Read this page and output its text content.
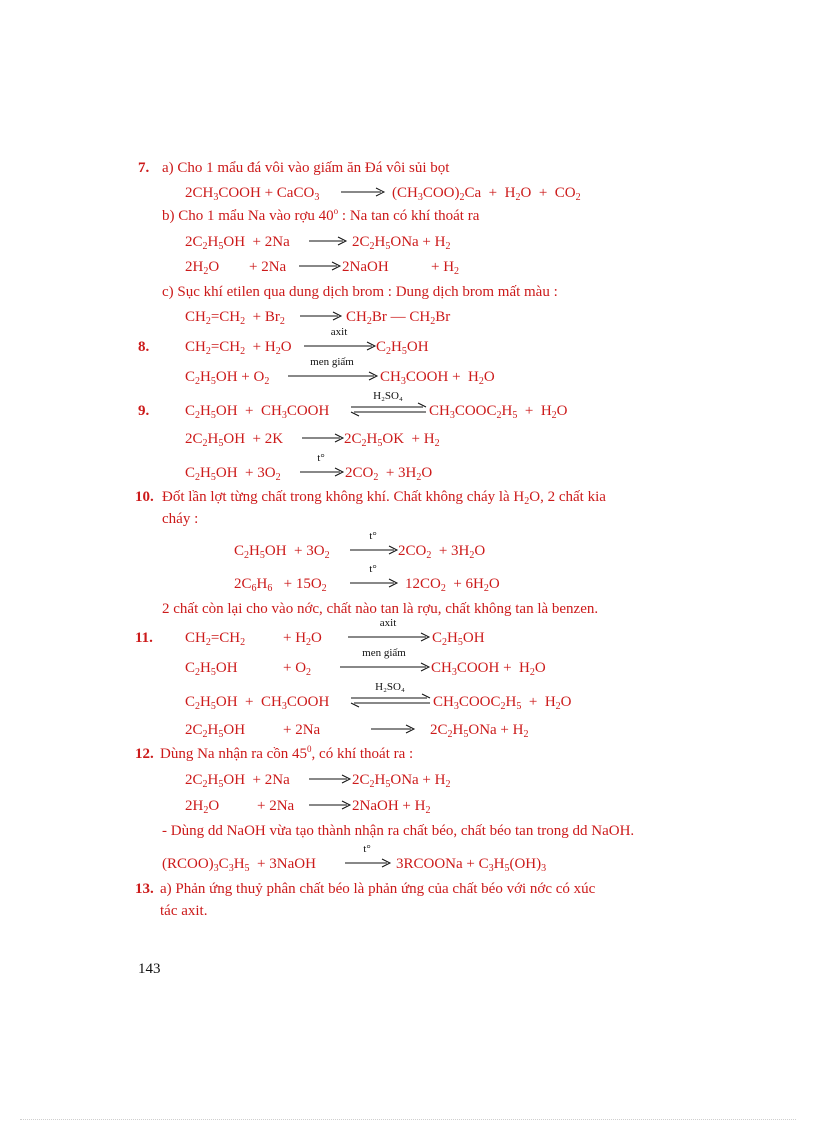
7. a) Cho 1 mẩu đá vôi vào giấm ăn Đá vôi sủi bọt
$2CH_3COOH$ + CaCO$_3$ → $(CH_3COO)_2Ca + H_2O + CO_2$
b) Cho 1 mẩu Na vào rợu 40$^o$ : Na tan có khí thoát ra
$2C_2H_5OH + 2Na \to 2C_2H_5ONa + H_2$
$2H_2O + 2Na$ → 2NaOH	+ $H_2$
c) Sục khí etilen qua dung dịch brom : Dung dịch brom mất màu :
$CH_2=CH_2 + Br_2 \to CH_2Br$ — $CH_2Br$
8. $CH_2=CH_2 + H_2O$
axit
$C_2H_5OH$
$C_2H_5OH + O_2$
men giấm
$CH_3COOH + H_2O$
9. $C_2H_5OH$  +  $CH_3COOH$
H₂SO₄
$CH_3COOC_2H_5 + H_2O$
$2C_2H_5OH + 2K \to 2C_2H_5OK + H_2$
$C_2H_5OH + 3O_2$
t°
→ $2CO_2 + 3H_2O$
10. Đốt lần lợt từng chất trong không khí. Chất không cháy là $H_2O$, 2 chất kia
cháy :
$C_2H_5OH + 3O_2$
t°
→ $2CO_2 + 3H_2O$
$2C_6H_6 + 15O_2$
t°
→ $12CO_2 + 6H_2O$
2 chất còn lại cho vào nớc, chất nào tan là rợu, chất không tan là benzen.
11. $CH_2=CH_2$	+ $H_2O$
axit
$C_2H_5OH$
$C_2H_5OH$	+ $O_2$
men giấm
$CH_3COOH + H_2O$
$C_2H_5OH$  +  $CH_3COOH$
H₂SO₄
$CH_3COOC_2H_5 + H_2O$
$2C_2H_5OH$	+ 2Na	→ $2C_2H_5ONa + H_2$
12. Dùng Na nhận ra cồn $45^0$, có khí thoát ra :
$2C_2H_5OH + 2Na \to 2C_2H_5ONa + H_2$
$2H_2O$	+ 2Na → 2NaOH + $H_2$
- Dùng dd NaOH vừa tạo thành nhận ra chất béo, chất béo tan trong dd NaOH.
$(RCOO)_3C_3H_5$  + 3NaOH
t°
→ 3RCOONa + $C_3H_5(OH)_3$
13. a) Phản ứng thuỷ phân chất béo là phản ứng của chất béo với nớc có xúc
tác axit.
143
